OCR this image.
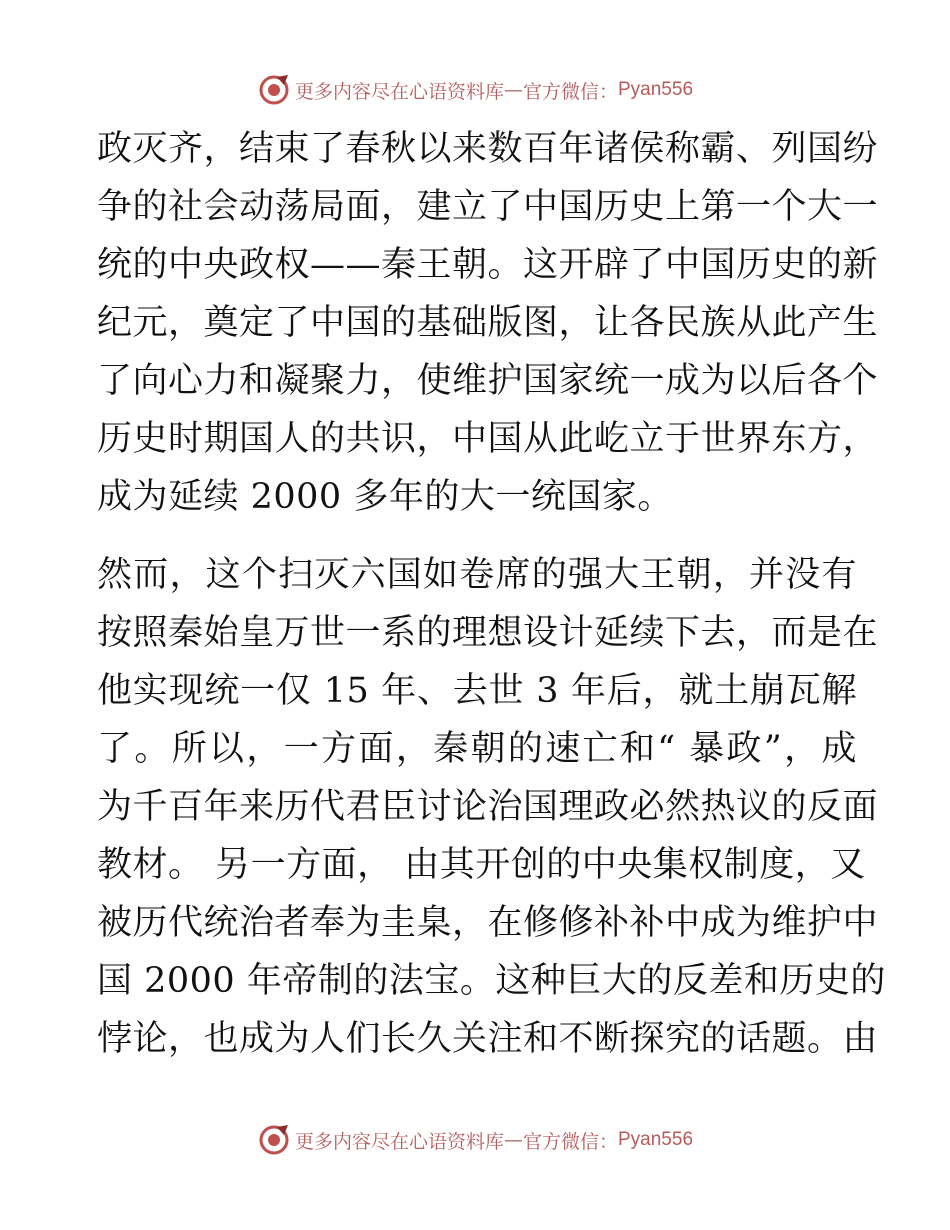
更多内容尽在心语资料库 — 官方微信： Pyan556
政灭齐，结束了春秋以来数百年诸侯称霸、列国纷
争的社会动荡局面，建立了中国历史上第一个大一
统的中央政权——秦王朝。这开辟了中国历史的新
纪元，奠定了中国的基础版图，让各民族从此产生
了向心力和凝聚力，使维护国家统一成为以后各个
历史时期国人的共识，中国从此屹立于世界东方，
成为延续 2000 多年的大一统国家。
然而，这个扫灭六国如卷席的强大王朝，并没有
按照秦始皇万世一系的理想设计延续下去，而是在
他实现统一仅 15 年、去世 3 年后，就土崩瓦解
了。所以，一方面，秦朝的速亡和“ 暴政”，成
为千百年来历代君臣讨论治国理政必然热议的反面
教材。 另一方面， 由其开创的中央集权制度，又
被历代统治者奉为圭臬，在修修补补中成为维护中
国 2000 年帝制的法宝。这种巨大的反差和历史的
悖论，也成为人们长久关注和不断探究的话题。由
更多内容尽在心语资料库 — 官方微信： Pyan556
